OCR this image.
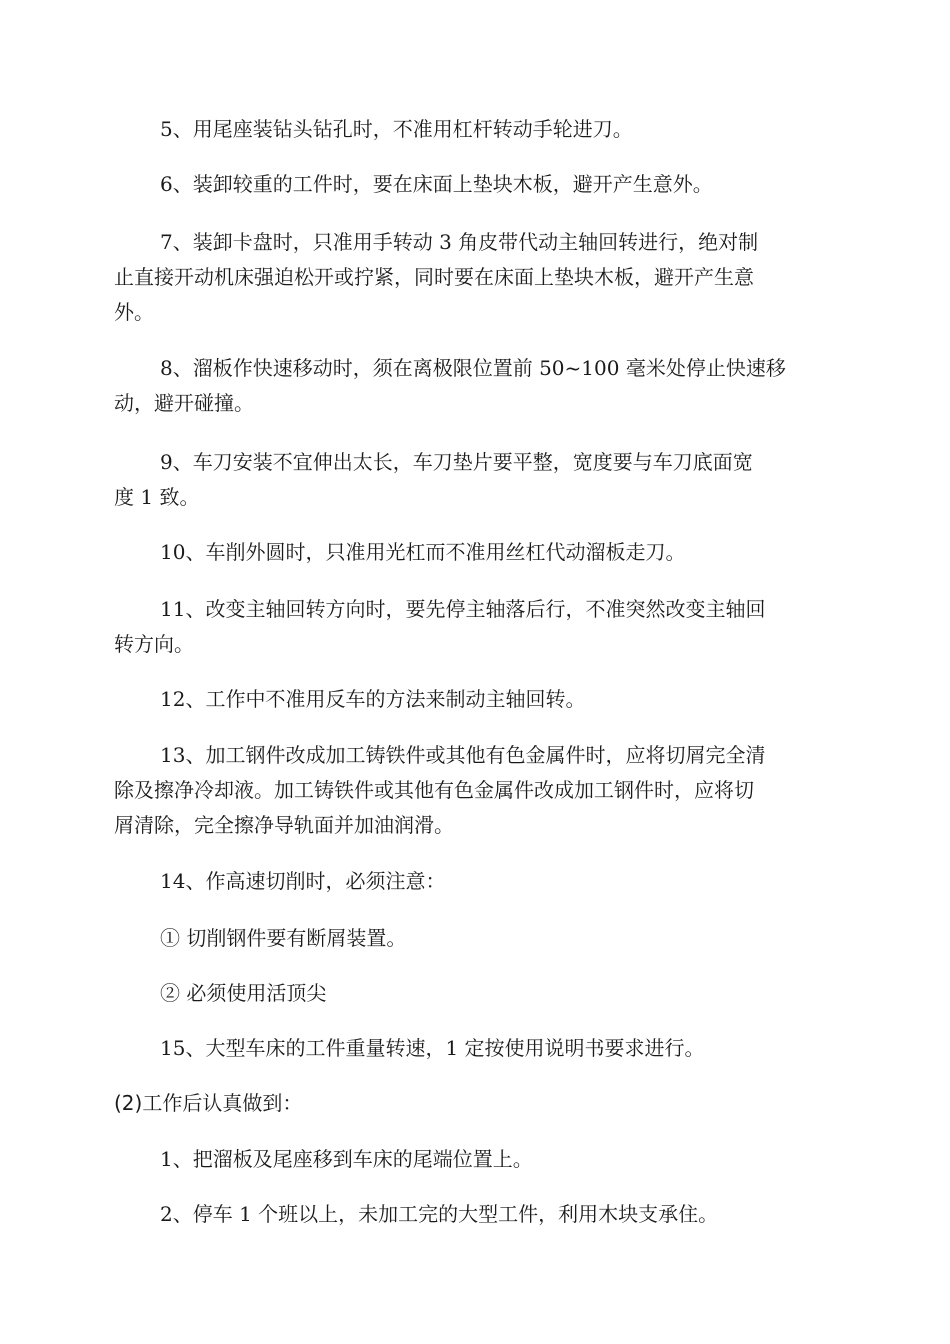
5、用尾座装钻头钻孔时，不准用杠杆转动手轮进刀。

6、装卸较重的工件时，要在床面上垫块木板，避开产生意外。

7、装卸卡盘时，只准用手转动 3 角皮带代动主轴回转进行，绝对制
止直接开动机床强迫松开或拧紧，同时要在床面上垫块木板，避开产生意
外。

8、溜板作快速移动时，须在离极限位置前 50~100 毫米处停止快速移
动，避开碰撞。

9、车刀安装不宜伸出太长，车刀垫片要平整，宽度要与车刀底面宽
度 1 致。

10、车削外圆时，只准用光杠而不准用丝杠代动溜板走刀。

11、改变主轴回转方向时，要先停主轴落后行，不准突然改变主轴回
转方向。

12、工作中不准用反车的方法来制动主轴回转。

13、加工钢件改成加工铸铁件或其他有色金属件时，应将切屑完全清
除及擦净冷却液。加工铸铁件或其他有色金属件改成加工钢件时，应将切
屑清除，完全擦净导轨面并加油润滑。

14、作高速切削时，必须注意：

① 切削钢件要有断屑装置。

② 必须使用活顶尖

15、大型车床的工件重量转速，1 定按使用说明书要求进行。

(2)工作后认真做到：

1、把溜板及尾座移到车床的尾端位置上。

2、停车 1 个班以上，未加工完的大型工件，利用木块支承住。
